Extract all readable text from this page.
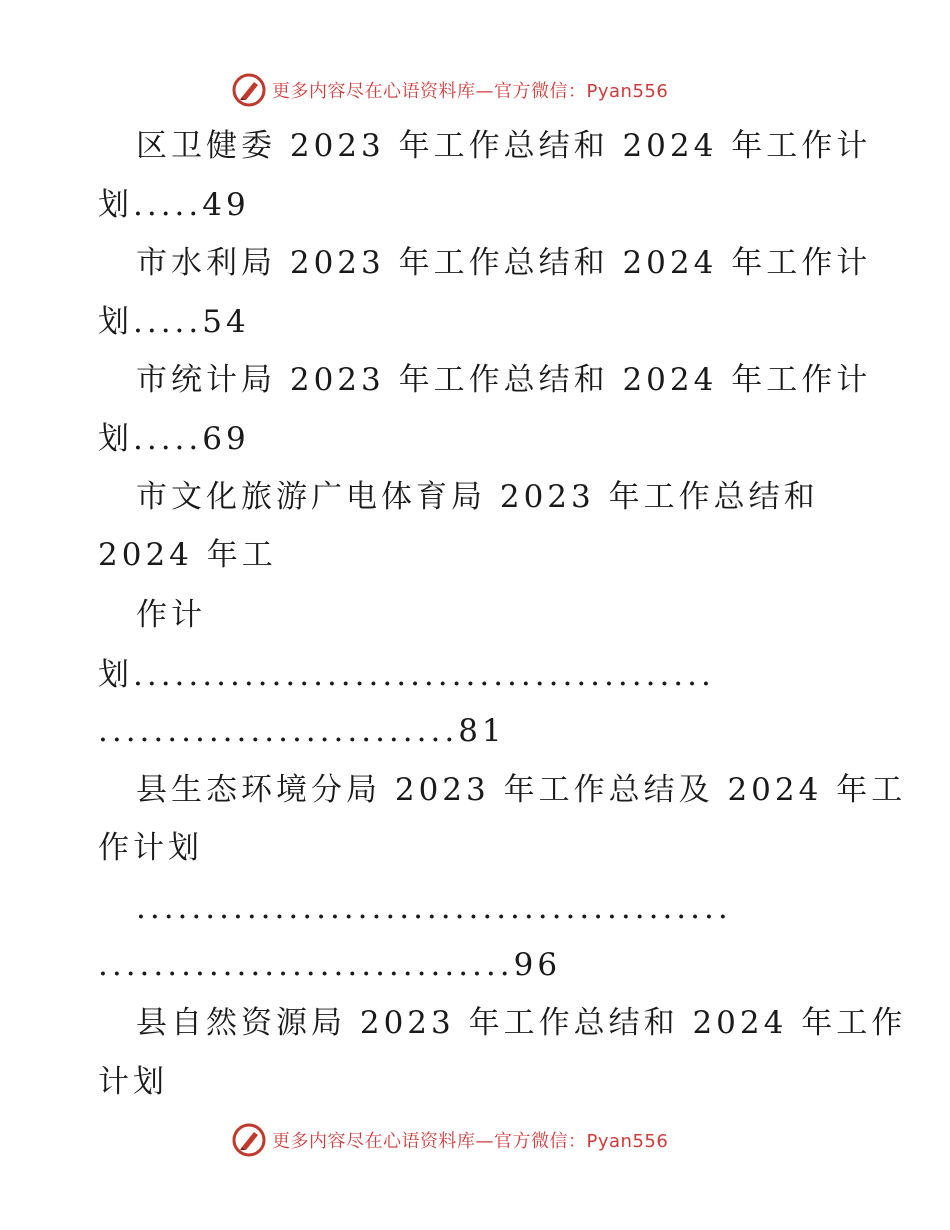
更多内容尽在心语资料库—官方微信：Pyan556
区卫健委 2023 年工作总结和 2024 年工作计
划.....49
市水利局 2023 年工作总结和 2024 年工作计
划.....54
市统计局 2023 年工作总结和 2024 年工作计
划.....69
市文化旅游广电体育局 2023 年工作总结和
2024 年工
作计
划..........................................
..........................81
县生态环境分局 2023 年工作总结及 2024 年工
作计划
...........................................
..............................96
县自然资源局 2023 年工作总结和 2024 年工作
计划
更多内容尽在心语资料库—官方微信：Pyan556
